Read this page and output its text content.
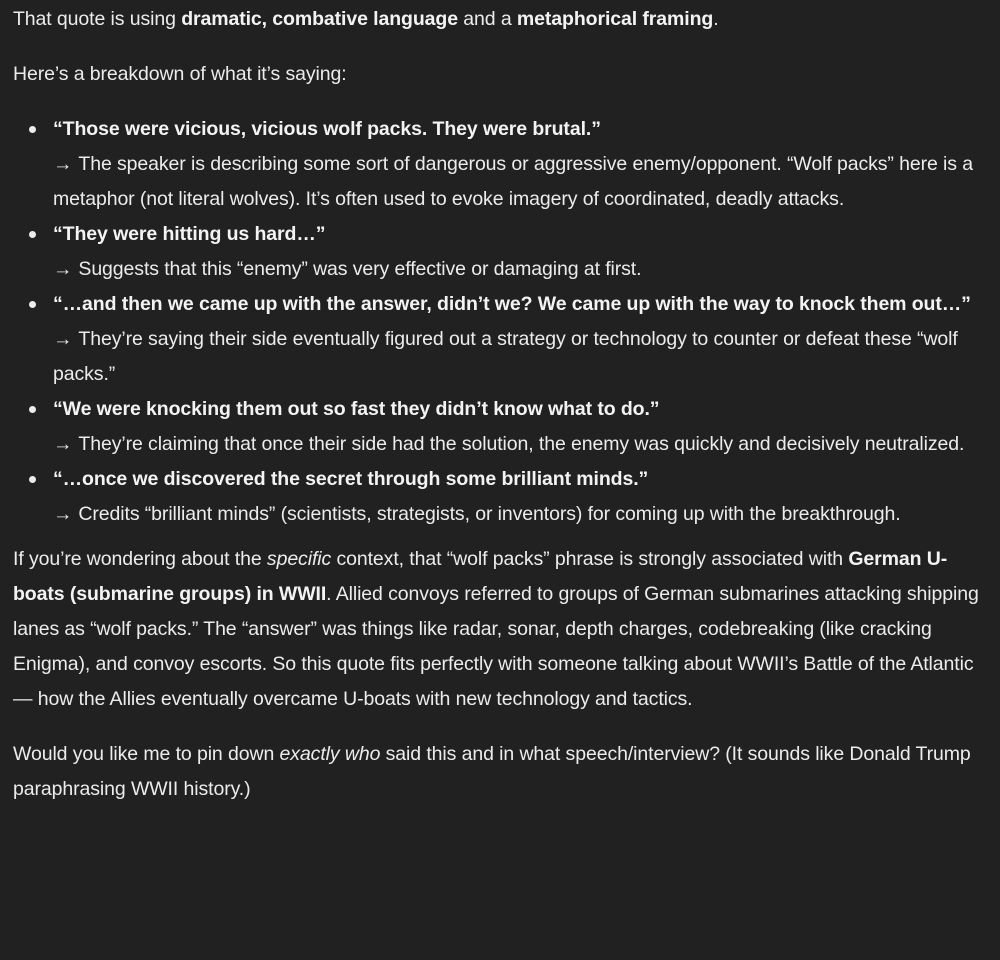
That quote is using dramatic, combative language and a metaphorical framing.

Here’s a breakdown of what it’s saying:

“Those were vicious, vicious wolf packs. They were brutal.”
→ The speaker is describing some sort of dangerous or aggressive enemy/opponent. “Wolf packs” here is a metaphor (not literal wolves). It’s often used to evoke imagery of coordinated, deadly attacks.
“They were hitting us hard…”
→ Suggests that this “enemy” was very effective or damaging at first.
“…and then we came up with the answer, didn’t we? We came up with the way to knock them out…”
→ They’re saying their side eventually figured out a strategy or technology to counter or defeat these “wolf packs.”
“We were knocking them out so fast they didn’t know what to do.”
→ They’re claiming that once their side had the solution, the enemy was quickly and decisively neutralized.
“…once we discovered the secret through some brilliant minds.”
→ Credits “brilliant minds” (scientists, strategists, or inventors) for coming up with the breakthrough.

If you’re wondering about the specific context, that “wolf packs” phrase is strongly associated with German U-boats (submarine groups) in WWII. Allied convoys referred to groups of German submarines attacking shipping lanes as “wolf packs.” The “answer” was things like radar, sonar, depth charges, codebreaking (like cracking Enigma), and convoy escorts. So this quote fits perfectly with someone talking about WWII’s Battle of the Atlantic — how the Allies eventually overcame U-boats with new technology and tactics.

Would you like me to pin down exactly who said this and in what speech/interview? (It sounds like Donald Trump paraphrasing WWII history.)
